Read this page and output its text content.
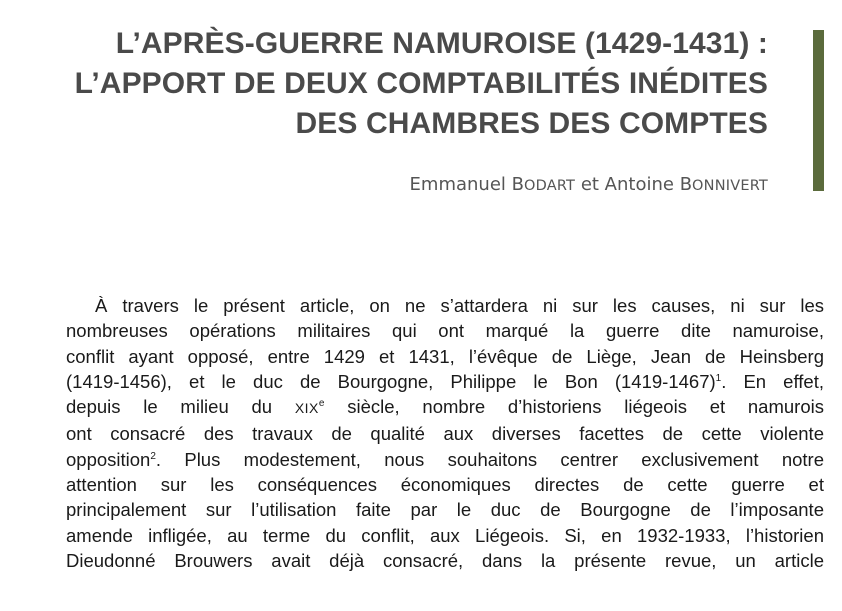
L’APRÈS-GUERRE NAMUROISE (1429-1431) :
L’APPORT DE DEUX COMPTABILITÉS INÉDITES
DES CHAMBRES DES COMPTES
Emmanuel BODART et Antoine BONNIVERT
À travers le présent article, on ne s’attardera ni sur les causes, ni sur les
nombreuses opérations militaires qui ont marqué la guerre dite namuroise,
conflit ayant opposé, entre 1429 et 1431, l’évêque de Liège, Jean de Heinsberg
(1419-1456), et le duc de Bourgogne, Philippe le Bon (1419-1467)$^1$. En effet,
depuis le milieu du XIXe siècle, nombre d’historiens liégeois et namurois
ont consacré des travaux de qualité aux diverses facettes de cette violente
opposition$^2$. Plus modestement, nous souhaitons centrer exclusivement notre
attention sur les conséquences économiques directes de cette guerre et
principalement sur l’utilisation faite par le duc de Bourgogne de l’imposante
amende infligée, au terme du conflit, aux Liégeois. Si, en 1932-1933, l’historien
Dieudonné Brouwers avait déjà consacré, dans la présente revue, un article
